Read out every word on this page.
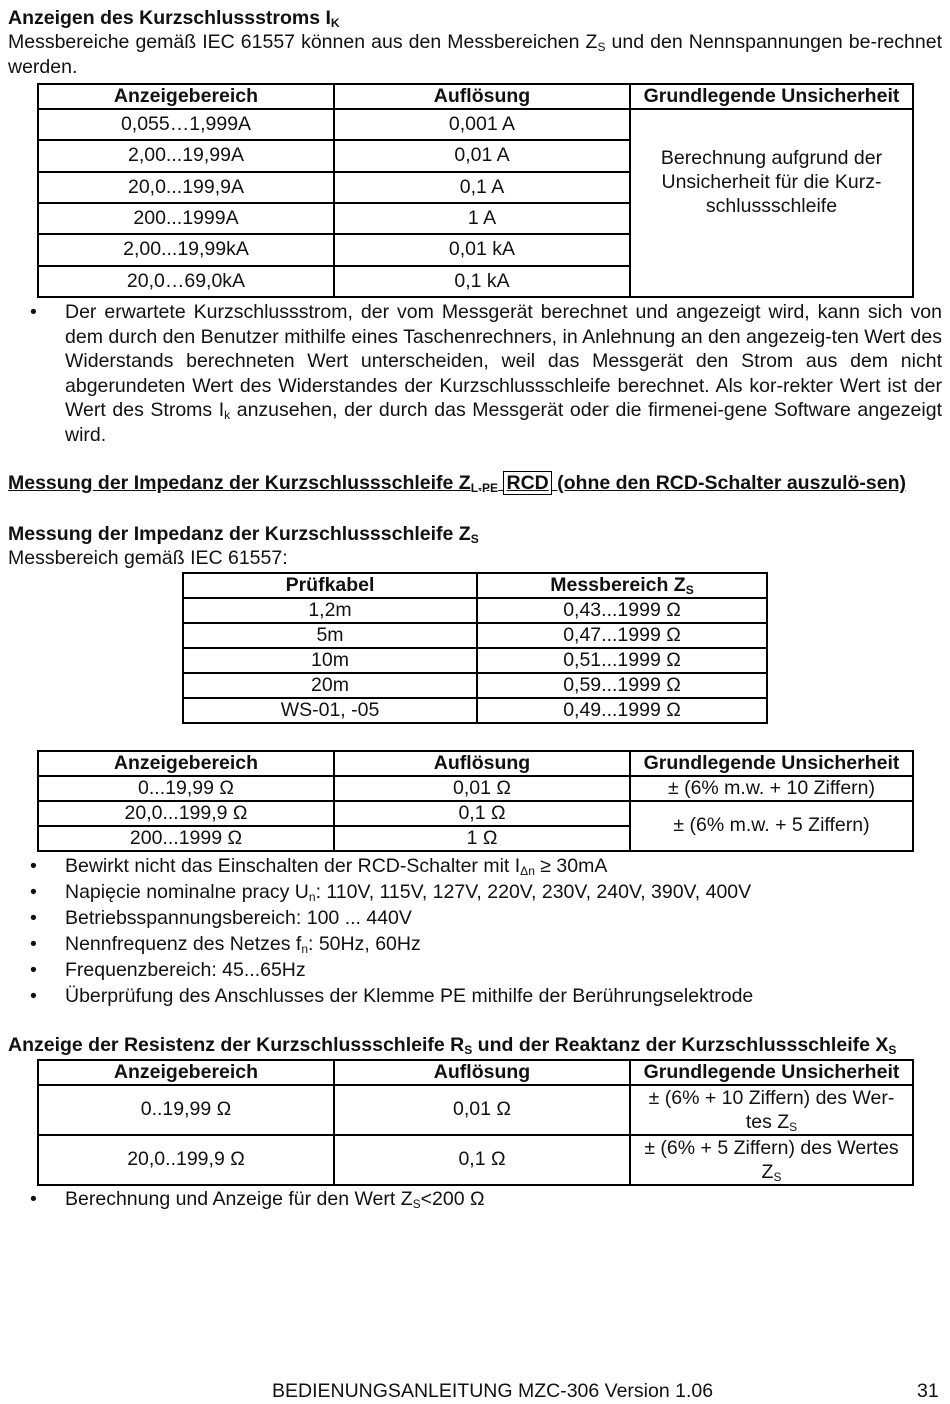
Anzeigen des Kurzschlussstroms $I_K$

Messbereiche gemäß IEC 61557 können aus den Messbereichen $Z_S$ und den Nennspannungen be-rechnet werden.

Anzeigebereich	Auflösung	Grundlegende Unsicherheit
0,055…1,999A	0,001 A	Berechnung aufgrund der Unsicherheit für die Kurz-schlussschleife
2,00...19,99A	0,01 A	
20,0...199,9A	0,1 A	
200...1999A	1 A	
2,00...19,99kA	0,01 kA	
20,0…69,0kA	0,1 kA	
• Der erwartete Kurzschlussstrom, der vom Messgerät berechnet und angezeigt wird, kann sich von dem durch den Benutzer mithilfe eines Taschenrechners, in Anlehnung an den angezeig-ten Wert des Widerstands berechneten Wert unterscheiden, weil das Messgerät den Strom aus dem nicht abgerundeten Wert des Widerstandes der Kurzschlussschleife berechnet. Als kor-rekter Wert ist der Wert des Stroms $I_k$ anzusehen, der durch das Messgerät oder die firmenei-gene Software angezeigt wird.
Messung der Impedanz der Kurzschlussschleife $Z_{L-PE}$ RCD (ohne den RCD-Schalter auszulö-sen)
Messung der Impedanz der Kurzschlussschleife $Z_S$

Messbereich gemäß IEC 61557:

Prüfkabel	Messbereich $Z_S$
1,2m	0,43...1999 Ω
5m	0,47...1999 Ω
10m	0,51...1999 Ω
20m	0,59...1999 Ω
WS-01, -05	0,49...1999 Ω
Anzeigebereich	Auflösung	Grundlegende Unsicherheit
0...19,99 Ω	0,01 Ω	± (6% m.w. + 10 Ziffern)
20,0...199,9 Ω	0,1 Ω	± (6% m.w. + 5 Ziffern)
200...1999 Ω	1 Ω	
• Bewirkt nicht das Einschalten der RCD-Schalter mit $I_{\Delta n} \ge 30mA$
• Napięcie nominalne pracy $U_n$: 110V, 115V, 127V, 220V, 230V, 240V, 390V, 400V
• Betriebsspannungsbereich: 100 ... 440V
• Nennfrequenz des Netzes $f_n$: 50Hz, 60Hz
• Frequenzbereich: 45...65Hz
• Überprüfung des Anschlusses der Klemme PE mithilfe der Berührungselektrode
Anzeige der Resistenz der Kurzschlussschleife $R_S$ und der Reaktanz der Kurzschlussschleife $X_S$
Anzeigebereich	Auflösung	Grundlegende Unsicherheit
0..19,99 Ω	0,01 Ω	± (6% + 10 Ziffern) des Wer-tes $Z_S$
20,0..199,9 Ω	0,1 Ω	± (6% + 5 Ziffern) des Wertes $Z_S$
• Berechnung und Anzeige für den Wert $Z_S<200$ Ω
BEDIENUNGSANLEITUNG MZC-306 Version 1.06	31
